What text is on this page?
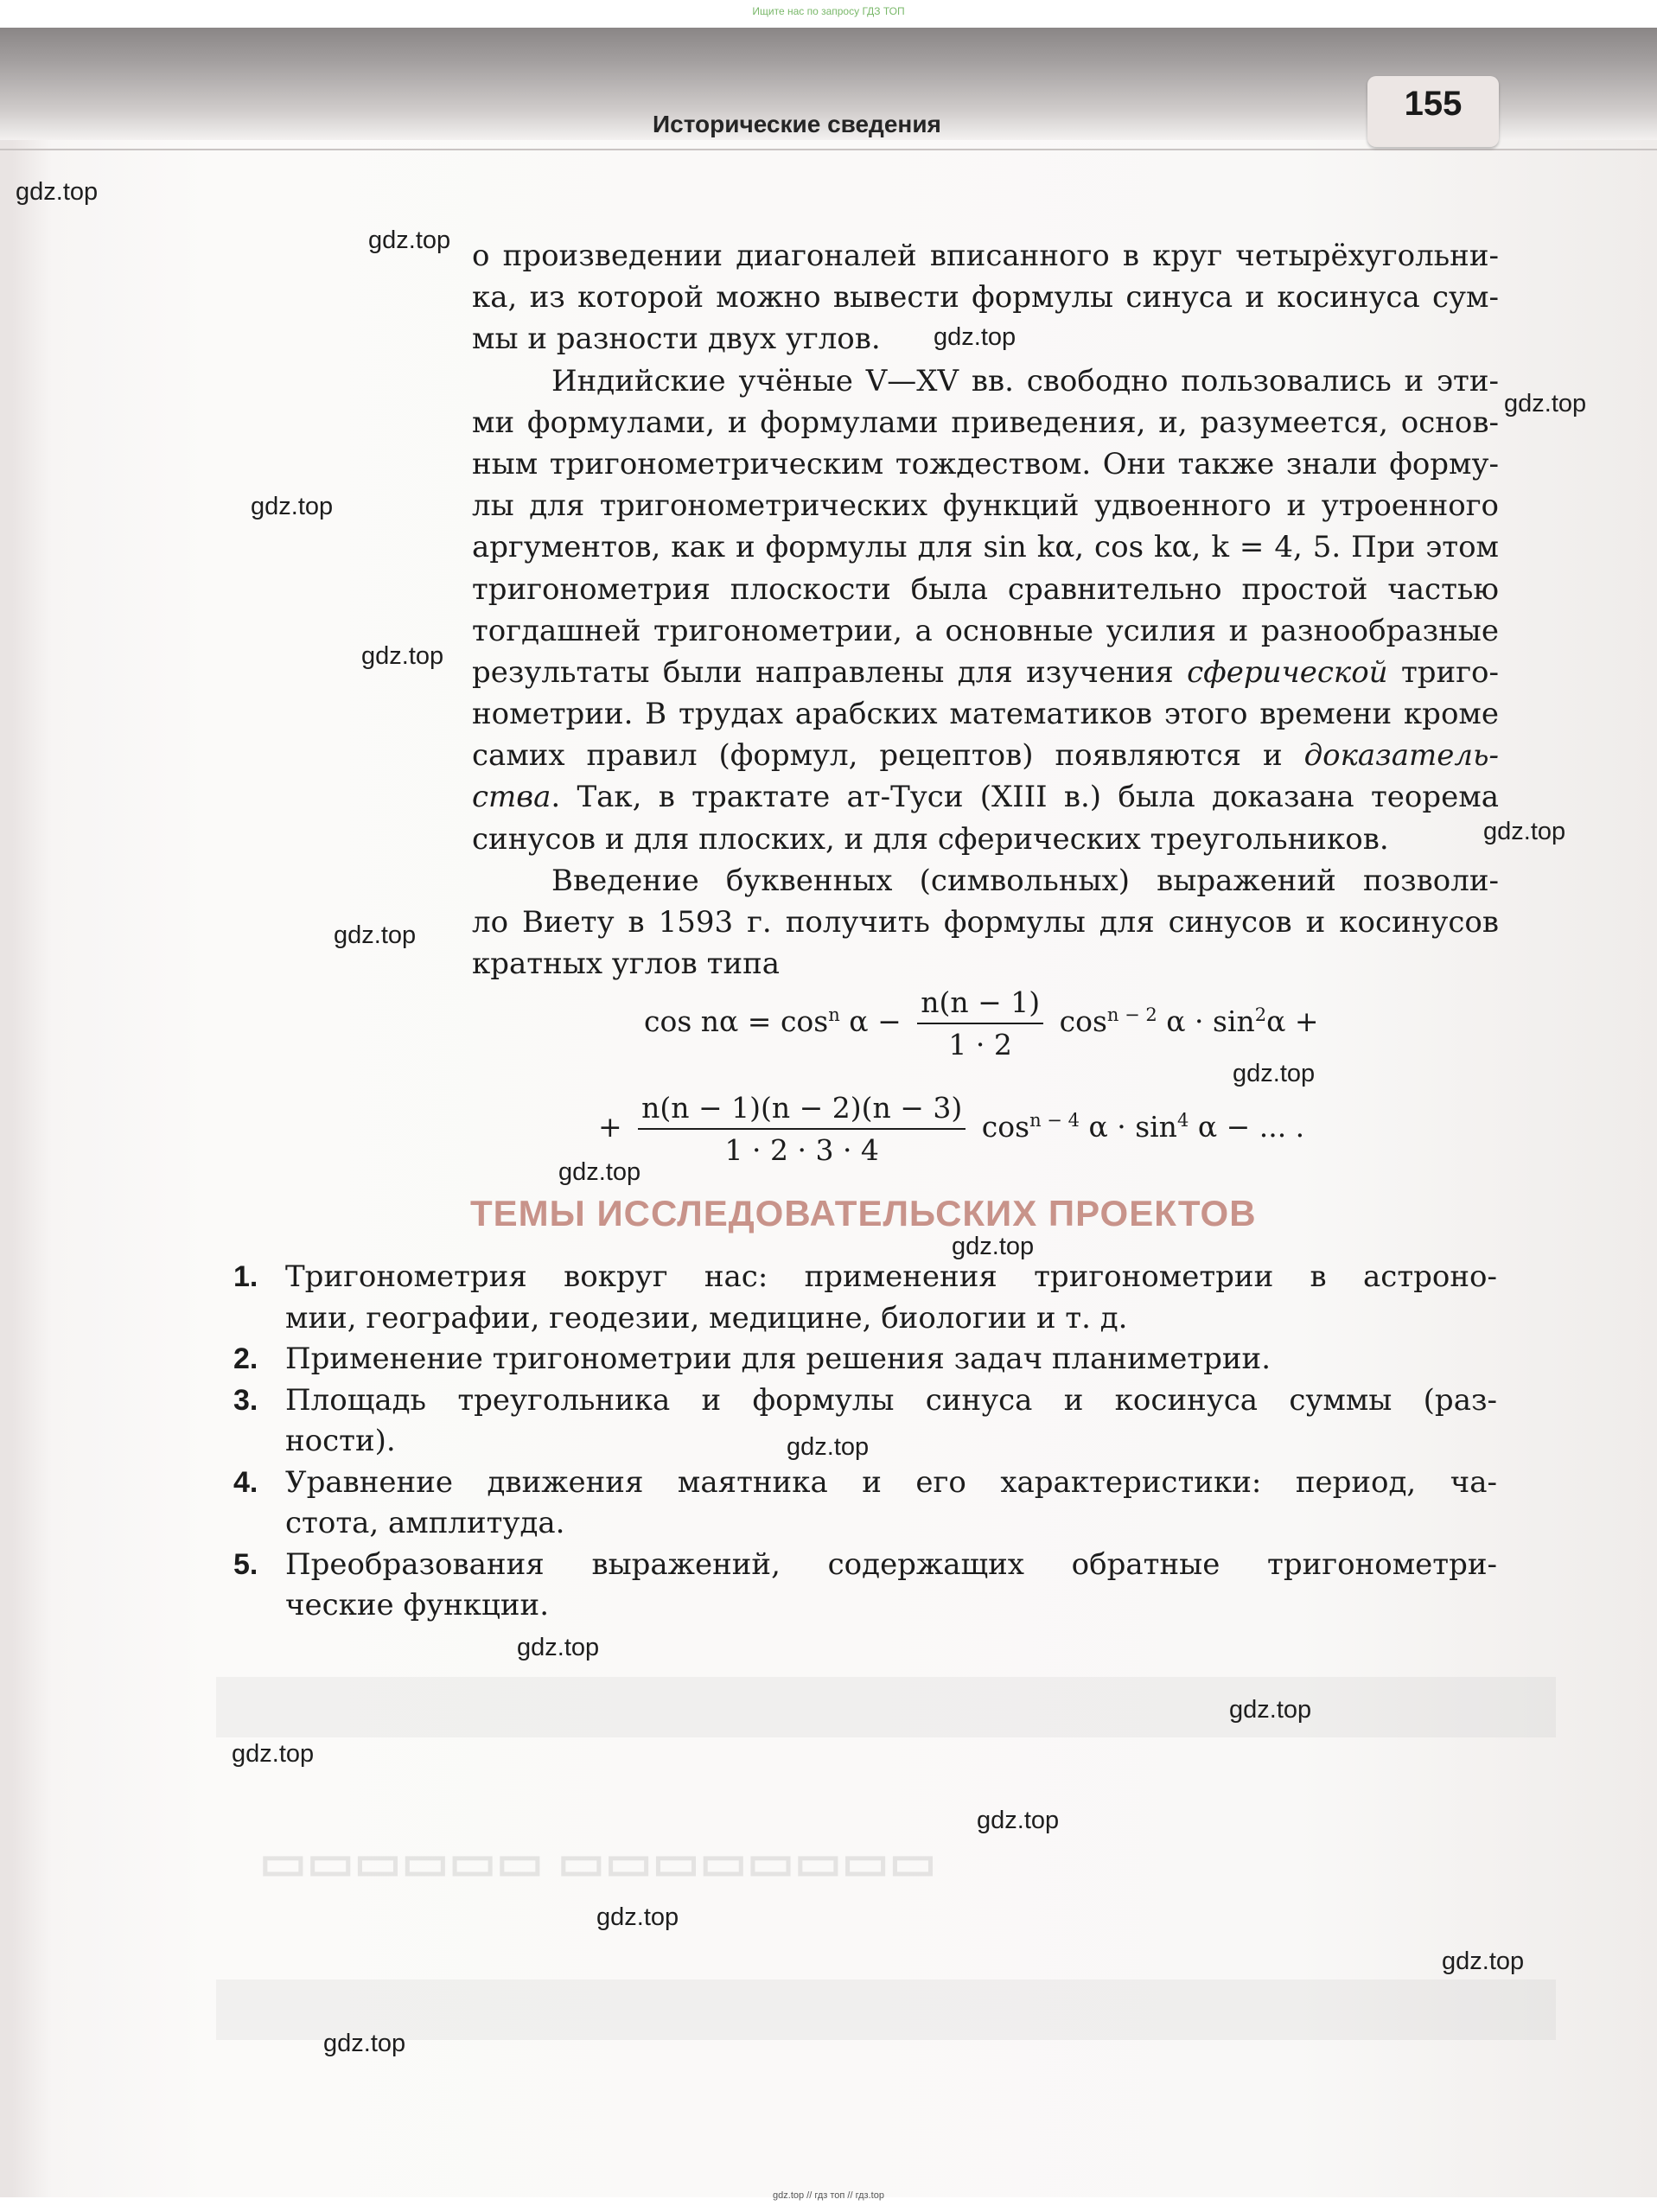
▭▭▭▭▭▭▭▭ ▭▭▭▭▭▭
Ищите нас по запросу ГДЗ ТОП
Исторические сведения
155
о произведении диагоналей вписанного в круг четырёхугольни-
ка, из которой можно вывести формулы синуса и косинуса сум-
мы и разности двух углов.
Индийские учёные V—XV вв. свободно пользовались и эти-
ми формулами, и формулами приведения, и, разумеется, основ-
ным тригонометрическим тождеством. Они также знали форму-
лы для тригонометрических функций удвоенного и утроенного
аргументов, как и формулы для sin kα, cos kα, k = 4, 5. При этом
тригонометрия плоскости была сравнительно простой частью
тогдашней тригонометрии, а основные усилия и разнообразные
результаты были направлены для изучения сферической триго-
нометрии. В трудах арабских математиков этого времени кроме
самих правил (формул, рецептов) появляются и доказатель-
ства. Так, в трактате ат-Туси (XIII в.) была доказана теорема
синусов и для плоских, и для сферических треугольников.
Введение буквенных (символьных) выражений позволи-
ло Виету в 1593 г. получить формулы для синусов и косинусов
кратных углов типа
$\cos n\alpha = \cos^n \alpha - \frac{n(n - 1)}{1 \cdot 2} \cos^{n - 2} \alpha \cdot \sin^2\alpha$ +
+ $\frac{n(n - 1)(n - 2)(n - 3)}{1 \cdot 2 \cdot 3 \cdot 4} \cos^{n - 4} \alpha \cdot \sin^4 \alpha$ − ... .
ТЕМЫ ИССЛЕДОВАТЕЛЬСКИХ ПРОЕКТОВ
1. Тригонометрия вокруг нас: применения тригонометрии в астроно-
мии, географии, геодезии, медицине, биологии и т. д.
2. Применение тригонометрии для решения задач планиметрии.
3. Площадь треугольника и формулы синуса и косинуса суммы (раз-
ности).
4. Уравнение движения маятника и его характеристики: период, ча-
стота, амплитуда.
5. Преобразования выражений, содержащих обратные тригонометри-
ческие функции.
gdz.top
gdz.top
gdz.top
gdz.top
gdz.top
gdz.top
gdz.top
gdz.top
gdz.top
gdz.top
gdz.top
gdz.top
gdz.top
gdz.top
gdz.top
gdz.top
gdz.top
gdz.top
gdz.top
gdz.top // гдз топ // гдз.top
